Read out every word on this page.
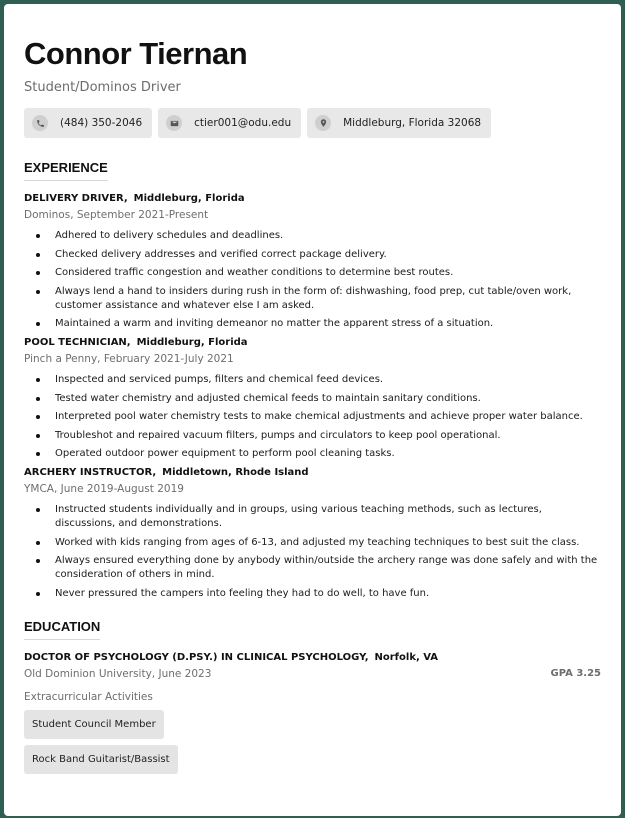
Connor Tiernan
Student/Dominos Driver
(484) 350-2046	ctier001@odu.edu	Middleburg, Florida 32068
EXPERIENCE
DELIVERY DRIVER, Middleburg, Florida
Dominos, September 2021-Present
Adhered to delivery schedules and deadlines.
Checked delivery addresses and verified correct package delivery.
Considered traffic congestion and weather conditions to determine best routes.
Always lend a hand to insiders during rush in the form of: dishwashing, food prep, cut table/oven work, customer assistance and whatever else I am asked.
Maintained a warm and inviting demeanor no matter the apparent stress of a situation.
POOL TECHNICIAN, Middleburg, Florida
Pinch a Penny, February 2021-July 2021
Inspected and serviced pumps, filters and chemical feed devices.
Tested water chemistry and adjusted chemical feeds to maintain sanitary conditions.
Interpreted pool water chemistry tests to make chemical adjustments and achieve proper water balance.
Troubleshot and repaired vacuum filters, pumps and circulators to keep pool operational.
Operated outdoor power equipment to perform pool cleaning tasks.
ARCHERY INSTRUCTOR, Middletown, Rhode Island
YMCA, June 2019-August 2019
Instructed students individually and in groups, using various teaching methods, such as lectures, discussions, and demonstrations.
Worked with kids ranging from ages of 6-13, and adjusted my teaching techniques to best suit the class.
Always ensured everything done by anybody within/outside the archery range was done safely and with the consideration of others in mind.
Never pressured the campers into feeling they had to do well, to have fun.
EDUCATION
DOCTOR OF PSYCHOLOGY (D.PSY.) IN CLINICAL PSYCHOLOGY, Norfolk, VA
Old Dominion University, June 2023	GPA 3.25
Extracurricular Activities
Student Council Member
Rock Band Guitarist/Bassist
